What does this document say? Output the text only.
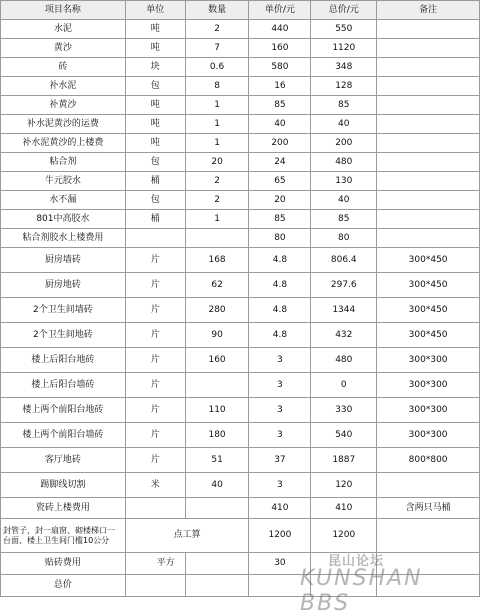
项目名称	单位	数量	单价/元	总价/元	备注
水泥	吨	2	440	550	
黄沙	吨	7	160	1120	
砖	块	0.6	580	348	
补水泥	包	8	16	128	
补黄沙	吨	1	85	85	
补水泥黄沙的运费	吨	1	40	40	
补水泥黄沙的上楼费	吨	1	200	200	
粘合剂	包	20	24	480	
牛元胶水	桶	2	65	130	
水不漏	包	2	20	40	
801中高胶水	桶	1	85	85	
粘合剂胶水上楼费用			80	80	
厨房墙砖	片	168	4.8	806.4	300*450
厨房地砖	片	62	4.8	297.6	300*450
2个卫生间墙砖	片	280	4.8	1344	300*450
2个卫生间地砖	片	90	4.8	432	300*450
楼上后阳台地砖	片	160	3	480	300*300
楼上后阳台墙砖	片		3	0	300*300
楼上两个前阳台地砖	片	110	3	330	300*300
楼上两个前阳台墙砖	片	180	3	540	300*300
客厅地砖	片	51	37	1887	800*800
踢脚线切割	米	40	3	120	
瓷砖上楼费用			410	410	含两只马桶
封管子，封一扇窗、砌楼梯口一台面、楼上卫生间门槛10公分	点工算		1200	1200	
贴砖费用	平方		30		
总价					
昆山论坛
KUNSHAN BBS
